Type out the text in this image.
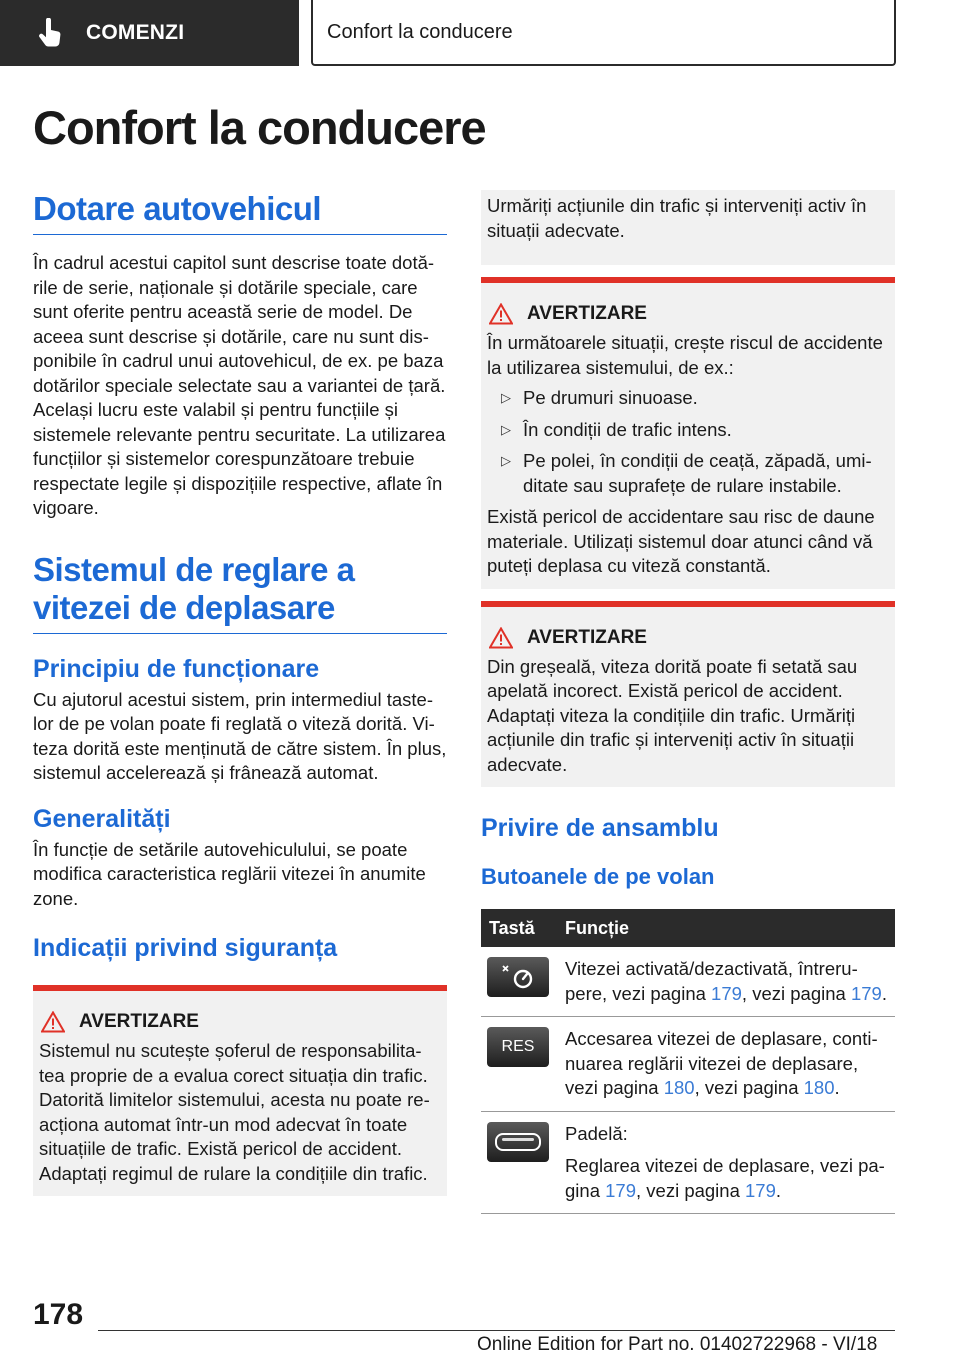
COMENZI	Confort la conducere
Confort la conducere
Dotare autovehicul
În cadrul acestui capitol sunt descrise toate dotările de serie, naționale și dotările speciale, care sunt oferite pentru această serie de model. De aceea sunt descrise și dotările, care nu sunt disponibile în cadrul unui autovehicul, de ex. pe baza dotărilor speciale selectate sau a variantei de țară. Același lucru este valabil și pentru funcțiile și sistemele relevante pentru securitate. La utilizarea funcțiilor și sistemelor corespunzătoare trebuie respectate legile și dispozițiile respective, aflate în vigoare.
Sistemul de reglare a vitezei de deplasare
Principiu de funcționare
Cu ajutorul acestui sistem, prin intermediul tastelor de pe volan poate fi reglată o viteză dorită. Viteza dorită este menținută de către sistem. În plus, sistemul accelerează și frânează automat.
Generalități
În funcție de setările autovehiculului, se poate modifica caracteristica reglării vitezei în anumite zone.
Indicații privind siguranța
AVERTIZARE
Sistemul nu scutește șoferul de responsabilitatea proprie de a evalua corect situația din trafic. Datorită limitelor sistemului, acesta nu poate reacționa automat într-un mod adecvat în toate situațiile de trafic. Există pericol de accident. Adaptați regimul de rulare la condițiile din trafic.
Urmăriți acțiunile din trafic și interveniți activ în situații adecvate.
AVERTIZARE
În următoarele situații, crește riscul de accidente la utilizarea sistemului, de ex.:
▷ Pe drumuri sinuoase.
▷ În condiții de trafic intens.
▷ Pe polei, în condiții de ceață, zăpadă, umiditate sau suprafețe de rulare instabile.
Există pericol de accidentare sau risc de daune materiale. Utilizați sistemul doar atunci când vă puteți deplasa cu viteză constantă.
AVERTIZARE
Din greșeală, viteza dorită poate fi setată sau apelată incorect. Există pericol de accident. Adaptați viteza la condițiile din trafic. Urmăriți acțiunile din trafic și interveniți activ în situații adecvate.
Privire de ansamblu
Butoanele de pe volan
Tastă	Funcție

	Vitezei activată/dezactivată, întrerupere, vezi pagina 179, vezi pagina 179.

RES	Accesarea vitezei de deplasare, continuarea reglării vitezei de deplasare, vezi pagina 180, vezi pagina 180.

Padelă:
Reglarea vitezei de deplasare, vezi pagina 179, vezi pagina 179.
178
Online Edition for Part no. 01402722968 - VI/18
